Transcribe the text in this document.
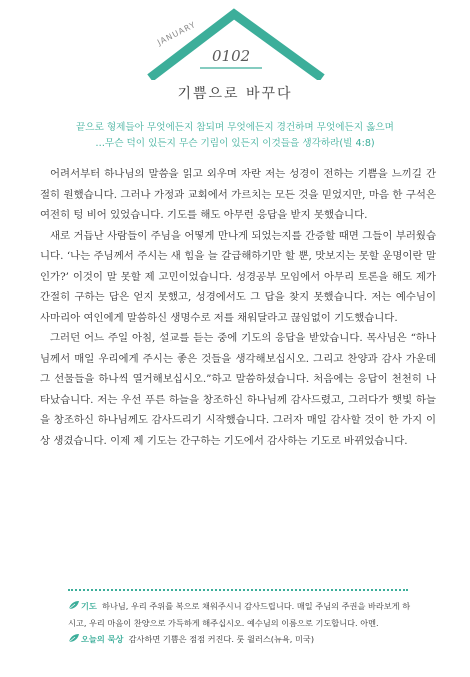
JANUARY
0102
기쁨으로 바꾸다
끝으로 형제들아 무엇에든지 참되며 무엇에든지 경건하며 무엇에든지 옳으며
…무슨 덕이 있든지 무슨 기림이 있든지 이것들을 생각하라(빌 4:8)

어려서부터 하나님의 말씀을 읽고 외우며 자란 저는 성경이 전하는 기쁨을 느끼길 간절히 원했습니다. 그러나 가정과 교회에서 가르치는 모든 것을 믿었지만, 마음 한 구석은 여전히 텅 비어 있었습니다. 기도를 해도 아무런 응답을 받지 못했습니다.

새로 거듭난 사람들이 주님을 어떻게 만나게 되었는지를 간증할 때면 그들이 부러웠습니다. ‘나는 주님께서 주시는 새 힘을 늘 갈급해하기만 할 뿐, 맛보지는 못할 운명이란 말인가?’ 이것이 말 못할 제 고민이었습니다. 성경공부 모임에서 아무리 토론을 해도 제가 간절히 구하는 답은 얻지 못했고, 성경에서도 그 답을 찾지 못했습니다. 저는 예수님이 사마리아 여인에게 말씀하신 생명수로 저를 채워달라고 끊임없이 기도했습니다.

그러던 어느 주일 아침, 설교를 듣는 중에 기도의 응답을 받았습니다. 목사님은 “하나님께서 매일 우리에게 주시는 좋은 것들을 생각해보십시오. 그리고 찬양과 감사 가운데 그 선물들을 하나씩 열거해보십시오.”하고 말씀하셨습니다. 처음에는 응답이 천천히 나타났습니다. 저는 우선 푸른 하늘을 창조하신 하나님께 감사드렸고, 그러다가 햇빛 하늘을 창조하신 하나님께도 감사드리기 시작했습니다. 그러자 매일 감사할 것이 한 가지 이상 생겼습니다. 이제 제 기도는 간구하는 기도에서 감사하는 기도로 바뀌었습니다.

기도 하나님, 우리 주위를 복으로 채워주시니 감사드립니다. 매일 주님의 주권을 바라보게 하시고, 우리 마음이 찬양으로 가득하게 해주십시오. 예수님의 이름으로 기도합니다. 아멘.
오늘의 묵상 감사하면 기쁨은 점점 커진다. 룻 윌러스(뉴욕, 미국)
